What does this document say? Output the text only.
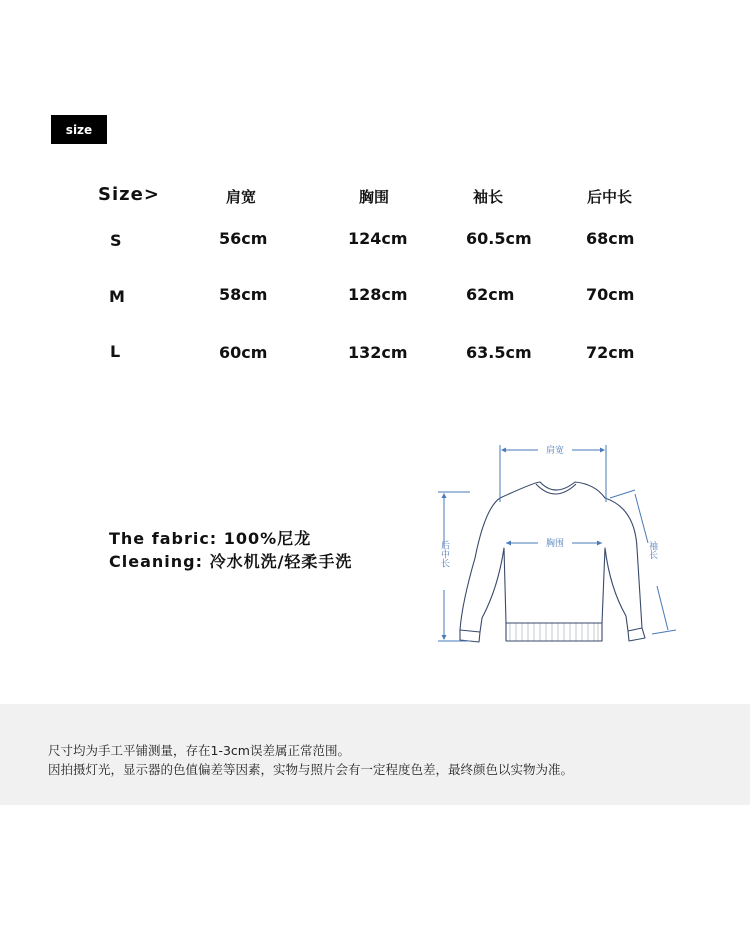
size
Size>	肩宽	胸围	袖长	后中长
S	56cm	124cm	60.5cm	68cm
M	58cm	128cm	62cm	70cm
L	60cm	132cm	63.5cm	72cm
The fabric: 100%尼龙
Cleaning: 冷水机洗/轻柔手洗
肩宽
胸围
后中长	袖长
尺寸均为手工平铺测量，存在1-3cm误差属正常范围。
因拍摄灯光，显示器的色值偏差等因素，实物与照片会有一定程度色差，最终颜色以实物为准。
